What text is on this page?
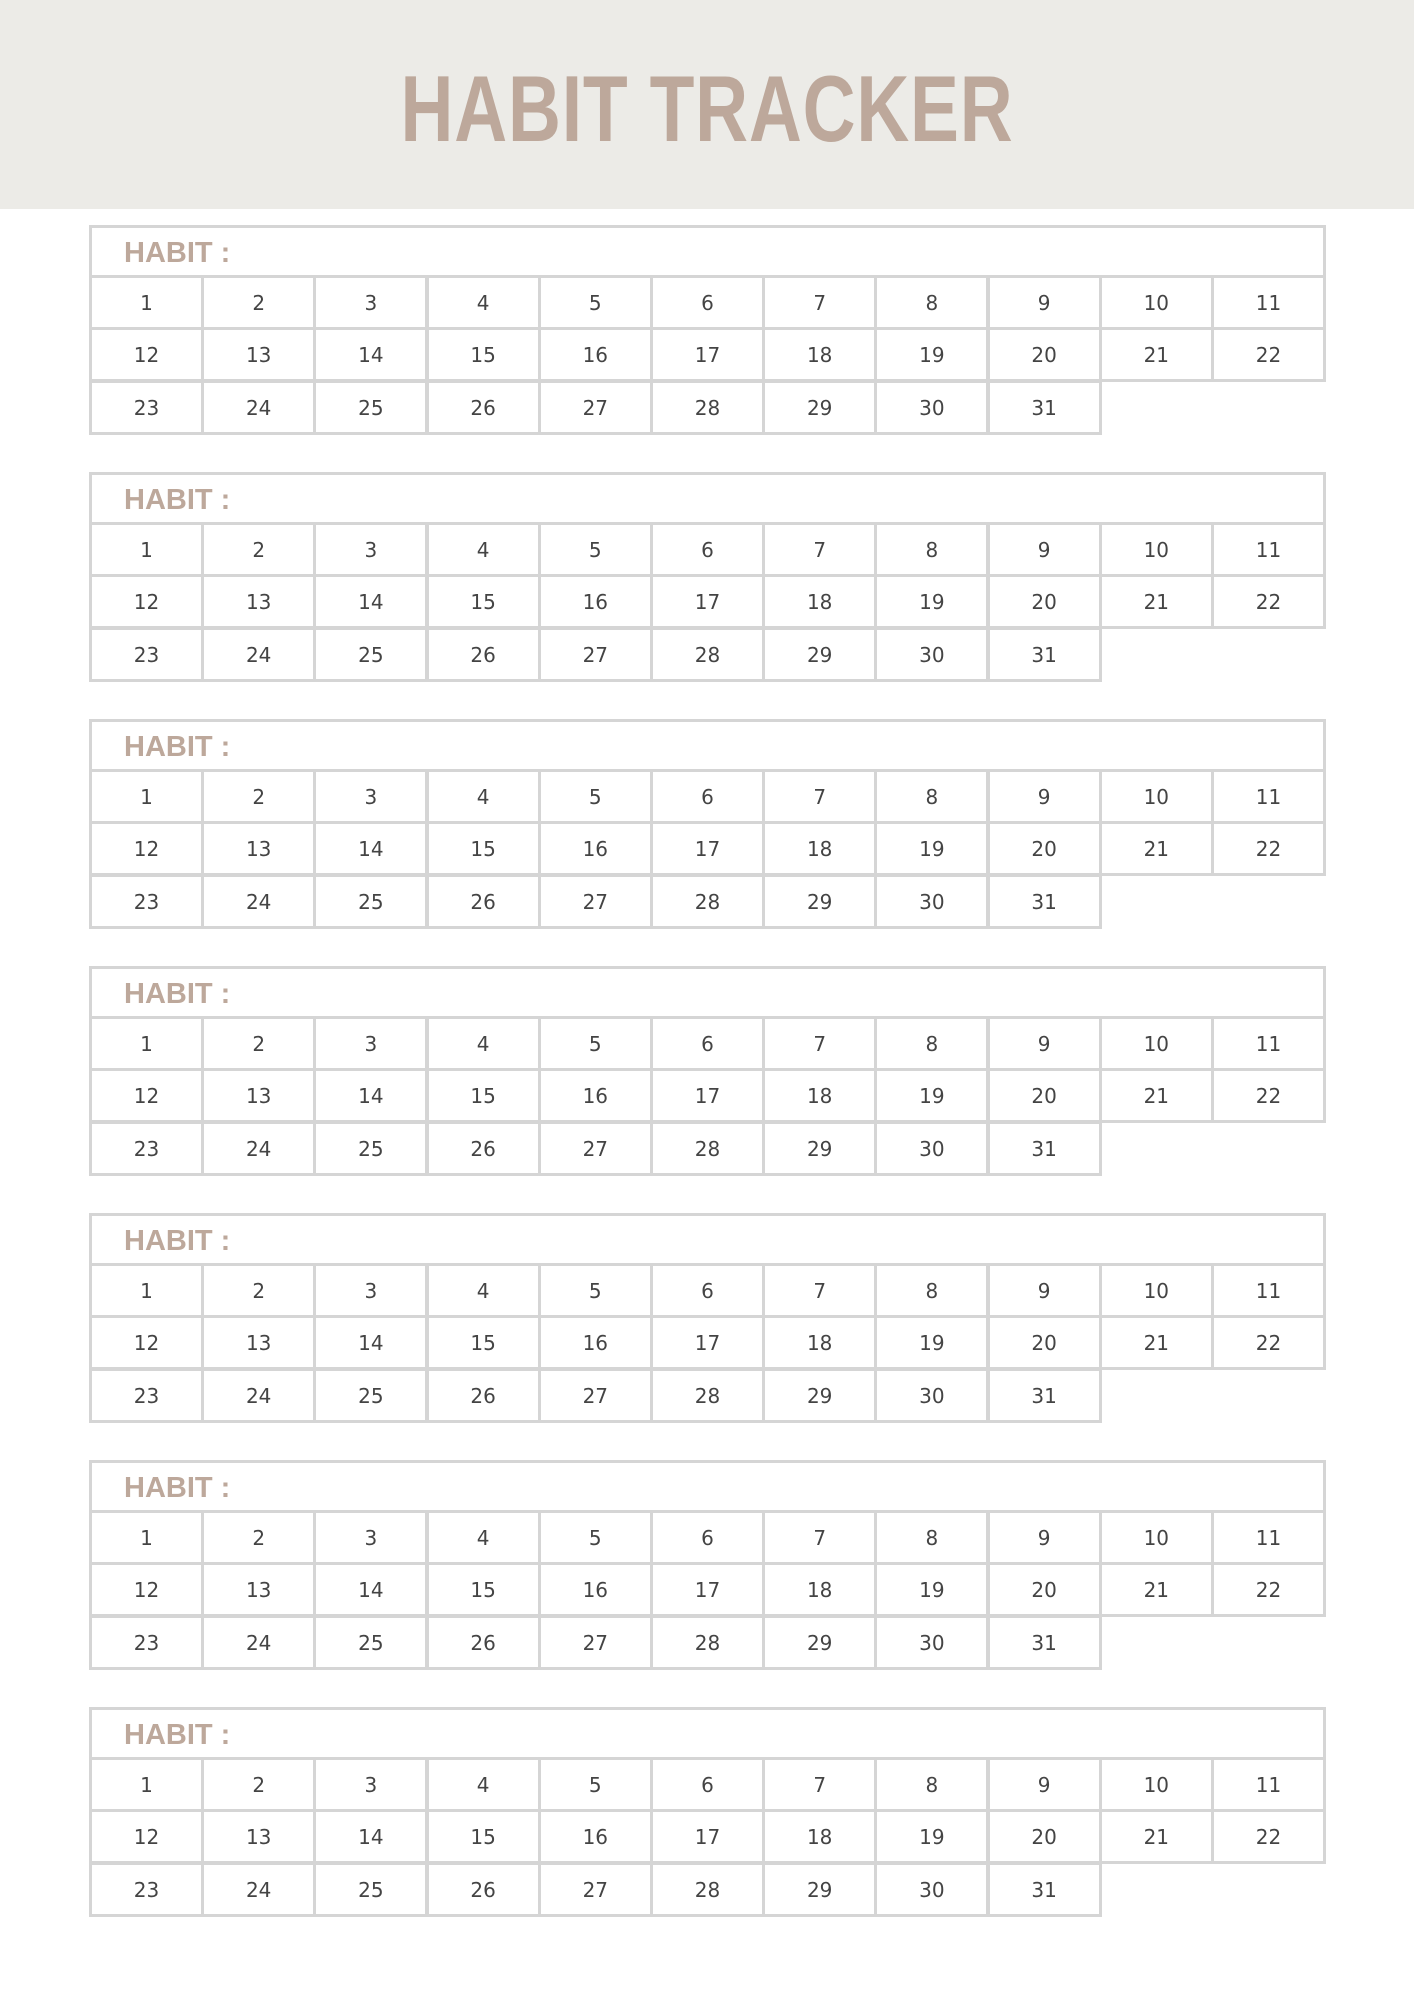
HABIT TRACKER
HABIT :
1	2	3	4	5	6	7	8	9	10	11
12	13	14	15	16	17	18	19	20	21	22
23	24	25	26	27	28	29	30	31
HABIT :
1	2	3	4	5	6	7	8	9	10	11
12	13	14	15	16	17	18	19	20	21	22
23	24	25	26	27	28	29	30	31
HABIT :
1	2	3	4	5	6	7	8	9	10	11
12	13	14	15	16	17	18	19	20	21	22
23	24	25	26	27	28	29	30	31
HABIT :
1	2	3	4	5	6	7	8	9	10	11
12	13	14	15	16	17	18	19	20	21	22
23	24	25	26	27	28	29	30	31
HABIT :
1	2	3	4	5	6	7	8	9	10	11
12	13	14	15	16	17	18	19	20	21	22
23	24	25	26	27	28	29	30	31
HABIT :
1	2	3	4	5	6	7	8	9	10	11
12	13	14	15	16	17	18	19	20	21	22
23	24	25	26	27	28	29	30	31
HABIT :
1	2	3	4	5	6	7	8	9	10	11
12	13	14	15	16	17	18	19	20	21	22
23	24	25	26	27	28	29	30	31
